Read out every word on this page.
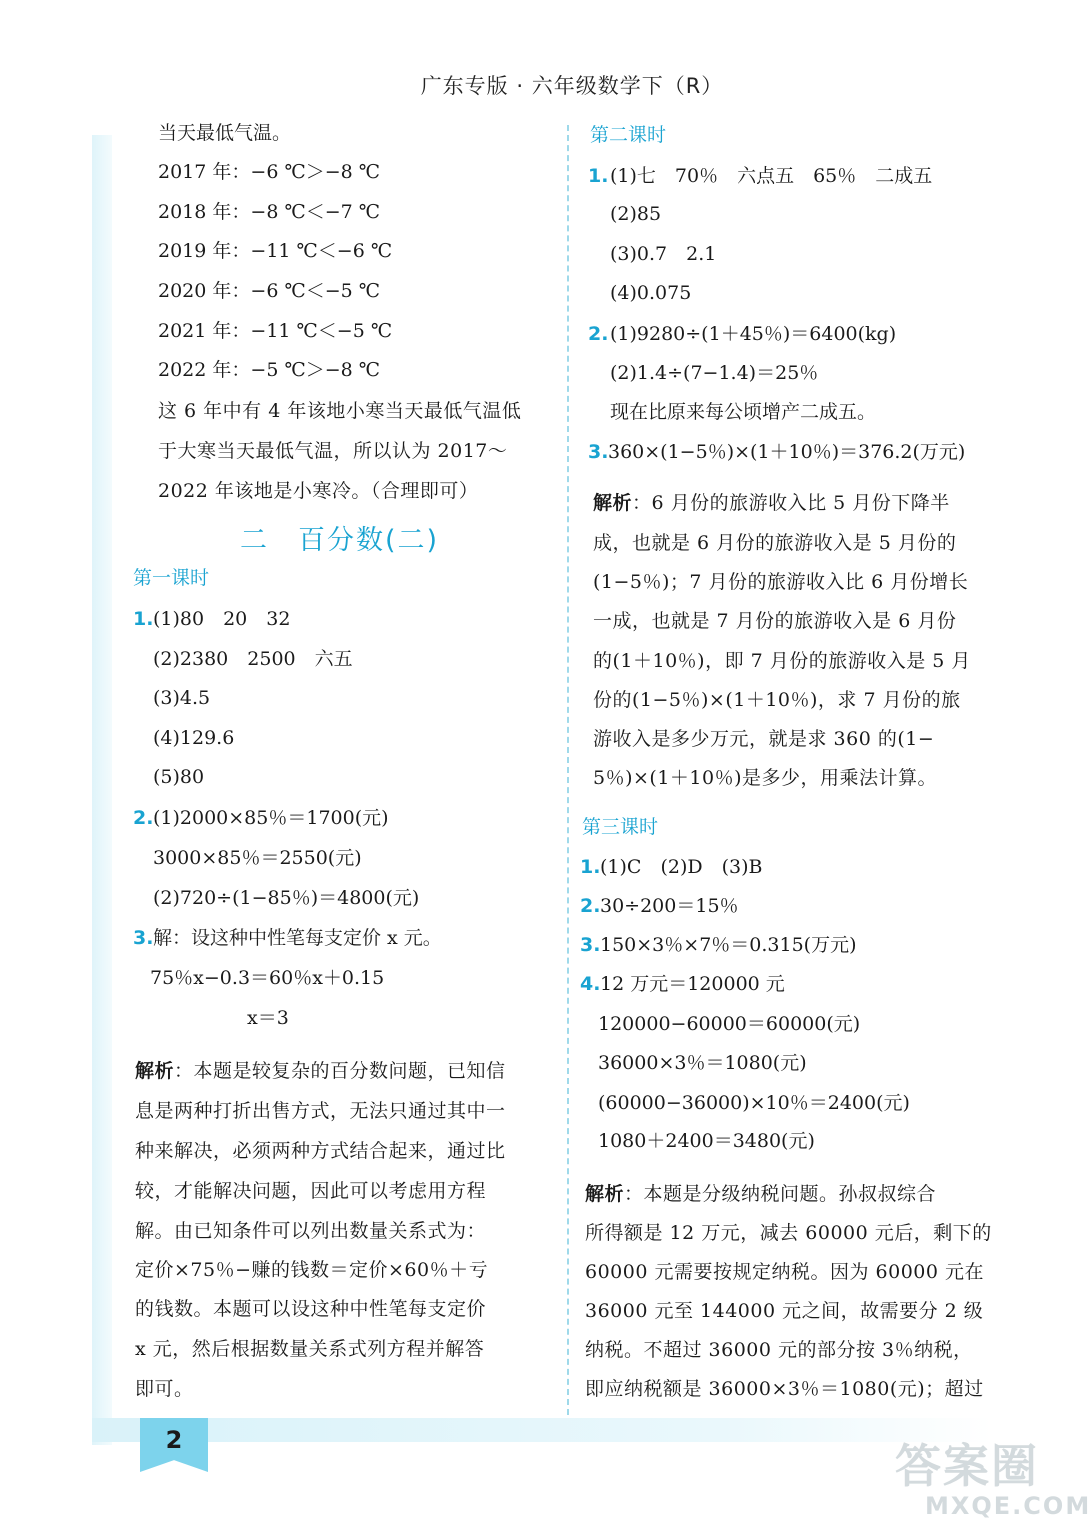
广东专版 · 六年级数学下（R）
当天最低气温。
2017 年：−6 ℃＞−8 ℃
2018 年：−8 ℃＜−7 ℃
2019 年：−11 ℃＜−6 ℃
2020 年：−6 ℃＜−5 ℃
2021 年：−11 ℃＜−5 ℃
2022 年：−5 ℃＞−8 ℃
这 6 年中有 4 年该地小寒当天最低气温低
于大寒当天最低气温，所以认为 2017～
2022 年该地是小寒冷。（合理即可）
二　百分数(二)
第一课时
1. (1)80　20　32
(2)2380　2500　六五
(3)4.5
(4)129.6
(5)80
2. (1)2000×85％＝1700(元)
3000×85％＝2550(元)
(2)720÷(1−85％)＝4800(元)
3. 解：设这种中性笔每支定价 x 元。
75％x−0.3＝60％x＋0.15
x＝3
解析：本题是较复杂的百分数问题，已知信
息是两种打折出售方式，无法只通过其中一
种来解决，必须两种方式结合起来，通过比
较，才能解决问题，因此可以考虑用方程
解。由已知条件可以列出数量关系式为：
定价×75％−赚的钱数＝定价×60％＋亏
的钱数。本题可以设这种中性笔每支定价
x 元，然后根据数量关系式列方程并解答
即可。
第二课时
1. (1)七　70％　六点五　65％　二成五
(2)85
(3)0.7　2.1
(4)0.075
2. (1)9280÷(1＋45％)＝6400(kg)
(2)1.4÷(7−1.4)＝25％
现在比原来每公顷增产二成五。
3. 360×(1−5％)×(1＋10％)＝376.2(万元)
解析：6 月份的旅游收入比 5 月份下降半
成，也就是 6 月份的旅游收入是 5 月份的
(1−5％)；7 月份的旅游收入比 6 月份增长
一成，也就是 7 月份的旅游收入是 6 月份
的(1＋10％)，即 7 月份的旅游收入是 5 月
份的(1−5％)×(1＋10％)，求 7 月份的旅
游收入是多少万元，就是求 360 的(1−
5％)×(1＋10％)是多少，用乘法计算。
第三课时
1. (1)C　(2)D　(3)B
2. 30÷200＝15％
3. 150×3％×7％＝0.315(万元)
4. 12 万元＝120000 元
120000−60000＝60000(元)
36000×3％＝1080(元)
(60000−36000)×10％＝2400(元)
1080＋2400＝3480(元)
解析：本题是分级纳税问题。孙叔叔综合
所得额是 12 万元，减去 60000 元后，剩下的
60000 元需要按规定纳税。因为 60000 元在
36000 元至 144000 元之间，故需要分 2 级
纳税。不超过 36000 元的部分按 3％纳税，
即应纳税额是 36000×3％＝1080(元)；超过
2	答案圈
MXQE.COM
